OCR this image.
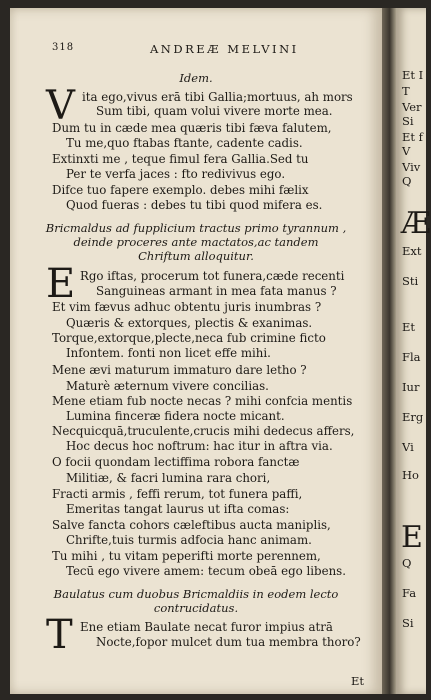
318	ANDREÆ MELVINI
Idem.
V ita ego,vivus erā tibi Gallia;mortuus, ah mors
Sum tibi, quam volui vivere morte mea.
Dum tu in cæde mea quæris tibi fæva falutem,
Tu me,quo ftabas ftante, cadente cadis.
Extinxti me , teque fimul fera Gallia.Sed tu
Per te verfa jaces : fto redivivus ego.
Difce tuo fapere exemplo. debes mihi fælix
Quod fueras : debes tu tibi quod mifera es.
Bricmaldus ad fupplicium tractus primo tyrannum ,
deinde proceres ante mactatos,ac tandem
Chriftum alloquitur.
E Rgo iftas, procerum tot funera,cæde recenti
Sanguineas armant in mea fata manus ?
Et vim fævus adhuc obtentu juris inumbras ?
Quæris & extorques, plectis & exanimas.
Torque,extorque,plecte,neca fub crimine ficto
Infontem. fonti non licet effe mihi.
Mene ævi maturum immaturo dare letho ?
Maturè æternum vivere concilias.
Mene etiam fub nocte necas ? mihi confcia mentis
Lumina finceræ fidera nocte micant.
Necquicquā,truculente,crucis mihi dedecus affers,
Hoc decus hoc noftrum: hac itur in aftra via.
O focii quondam lectiffima robora fanctæ
Militiæ, & facri lumina rara chori,
Fracti armis , feffi rerum, tot funera paffi,
Emeritas tangat laurus ut ifta comas:
Salve fancta cohors cæleftibus aucta maniplis,
Chrifte,tuis turmis adfocia hanc animam.
Tu mihi , tu vitam peperifti morte perennem,
Tecū ego vivere amem: tecum obeā ego libens.
Baulatus cum duobus Bricmaldiis in eodem lecto
contrucidatus.
T Ene etiam Baulate necat furor impius atrā
Nocte,fopor mulcet dum tua membra thoro?
Et
Et I
T
Ver
Si
Et f
V
Viv
Q
Æ
Ext
Sti
Et
Fla
Iur
Erg
Vi
Ho
E
Q
Fa
Si
